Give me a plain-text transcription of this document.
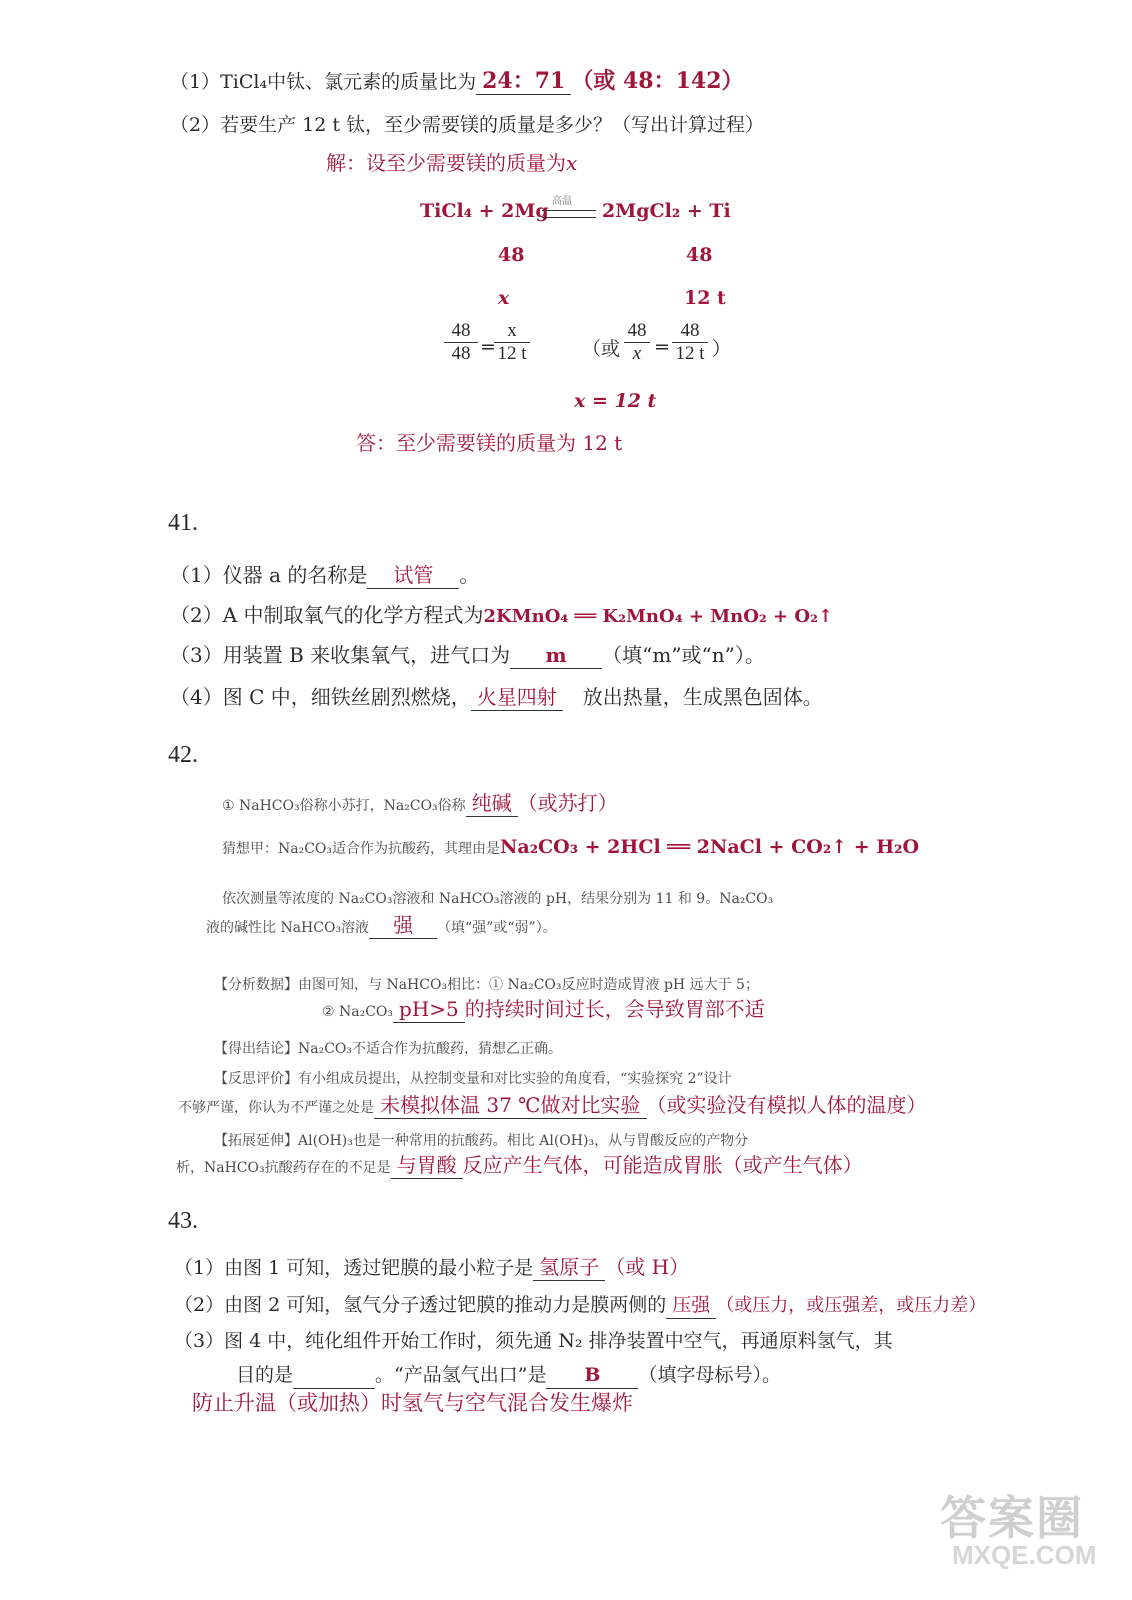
（1）TiCl₄中钛、氯元素的质量比为 24：71 （或 48：142）
（2）若要生产 12 t 钛，至少需要镁的质量是多少？（写出计算过程）
解：设至少需要镁的质量为x
TiCl₄ + 2Mg 高温 2MgCl₂ + Ti
48	48
x	12 t
$\frac{48}{48}$ =
$\frac{x}{12 t}$	（或 $\frac{48}{x} = \frac{48}{12 t}$ ）
x = 12 t
答：至少需要镁的质量为 12 t
41.
（1）仪器 a 的名称是 试管 。
（2）A 中制取氧气的化学方程式为2KMnO₄ ══ K₂MnO₄ + MnO₂ + O₂↑
（3）用装置 B 来收集氧气，进气口为 m （填“m”或“n”）。
（4）图 C 中，细铁丝剧烈燃烧， 火星四射 放出热量，生成黑色固体。
42.
① NaHCO₃俗称小苏打，Na₂CO₃俗称 纯碱 （或苏打）
猜想甲：Na₂CO₃适合作为抗酸药，其理由是Na₂CO₃ + 2HCl ══ 2NaCl + CO₂↑ + H₂O
依次测量等浓度的 Na₂CO₃溶液和 NaHCO₃溶液的 pH，结果分别为 11 和 9。Na₂CO₃
液的碱性比 NaHCO₃溶液 强 （填“强”或“弱”）。
【分析数据】由图可知，与 NaHCO₃相比：① Na₂CO₃反应时造成胃液 pH 远大于 5；
② Na₂CO₃ pH>5 的持续时间过长，会导致胃部不适
【得出结论】Na₂CO₃不适合作为抗酸药，猜想乙正确。
【反思评价】有小组成员提出，从控制变量和对比实验的角度看，“实验探究 2”设计
不够严谨，你认为不严谨之处是 未模拟体温 37 ℃做对比实验 （或实验没有模拟人体的温度）
【拓展延伸】Al(OH)₃也是一种常用的抗酸药。相比 Al(OH)₃，从与胃酸反应的产物分
析，NaHCO₃抗酸药存在的不足是 与胃酸 反应产生气体，可能造成胃胀（或产生气体）
43.
（1）由图 1 可知，透过钯膜的最小粒子是 氢原子 （或 H）
（2）由图 2 可知，氢气分子透过钯膜的推动力是膜两侧的 压强 （或压力，或压强差，或压力差）
（3）图 4 中，纯化组件开始工作时，须先通 N₂ 排净装置中空气，再通原料氢气，其
目的是	。“产品氢气出口”是 B （填字母标号）。
防止升温（或加热）时氢气与空气混合发生爆炸
答案圈
MXQE.COM
